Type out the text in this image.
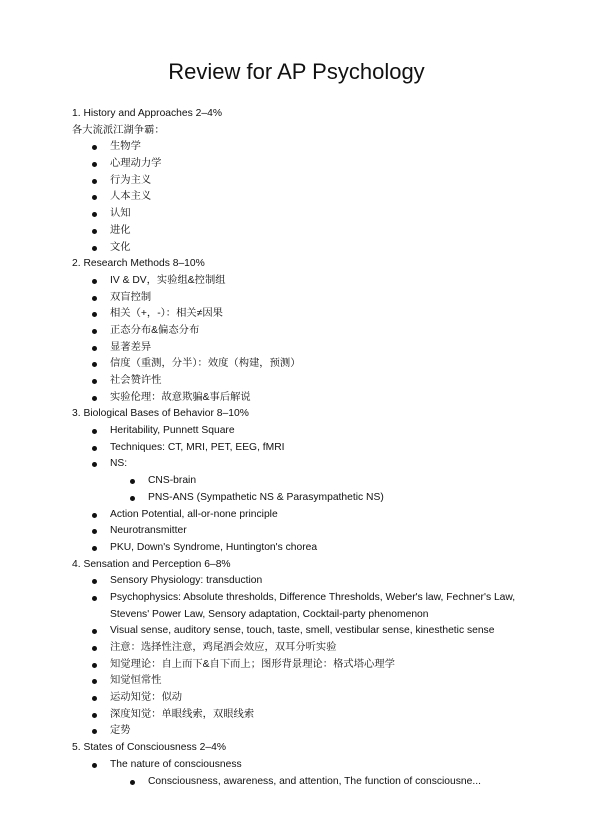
Review for AP Psychology
1. History and Approaches 2–4%
各大流派江湖争霸：
生物学
心理动力学
行为主义
人本主义
认知
进化
文化
2. Research Methods 8–10%
IV & DV，实验组&控制组
双盲控制
相关（+，-）：相关≠因果
正态分布&偏态分布
显著差异
信度（重测，分半）：效度（构建，预测）
社会赞许性
实验伦理：故意欺骗&事后解说
3. Biological Bases of Behavior 8–10%
Heritability, Punnett Square
Techniques: CT, MRI, PET, EEG, fMRI
NS:
CNS-brain
PNS-ANS (Sympathetic NS & Parasympathetic NS)
Action Potential, all-or-none principle
Neurotransmitter
PKU, Down's Syndrome, Huntington's chorea
4. Sensation and Perception 6–8%
Sensory Physiology: transduction
Psychophysics: Absolute thresholds, Difference Thresholds, Weber's law, Fechner's Law,
Stevens' Power Law, Sensory adaptation, Cocktail-party phenomenon
Visual sense, auditory sense, touch, taste, smell, vestibular sense, kinesthetic sense
注意：选择性注意，鸡尾酒会效应，双耳分听实验
知觉理论：自上而下&自下而上；图形背景理论：格式塔心理学
知觉恒常性
运动知觉：似动
深度知觉：单眼线索，双眼线索
定势
5. States of Consciousness 2–4%
The nature of consciousness
Consciousness, awareness, and attention, The function of consciousne...
